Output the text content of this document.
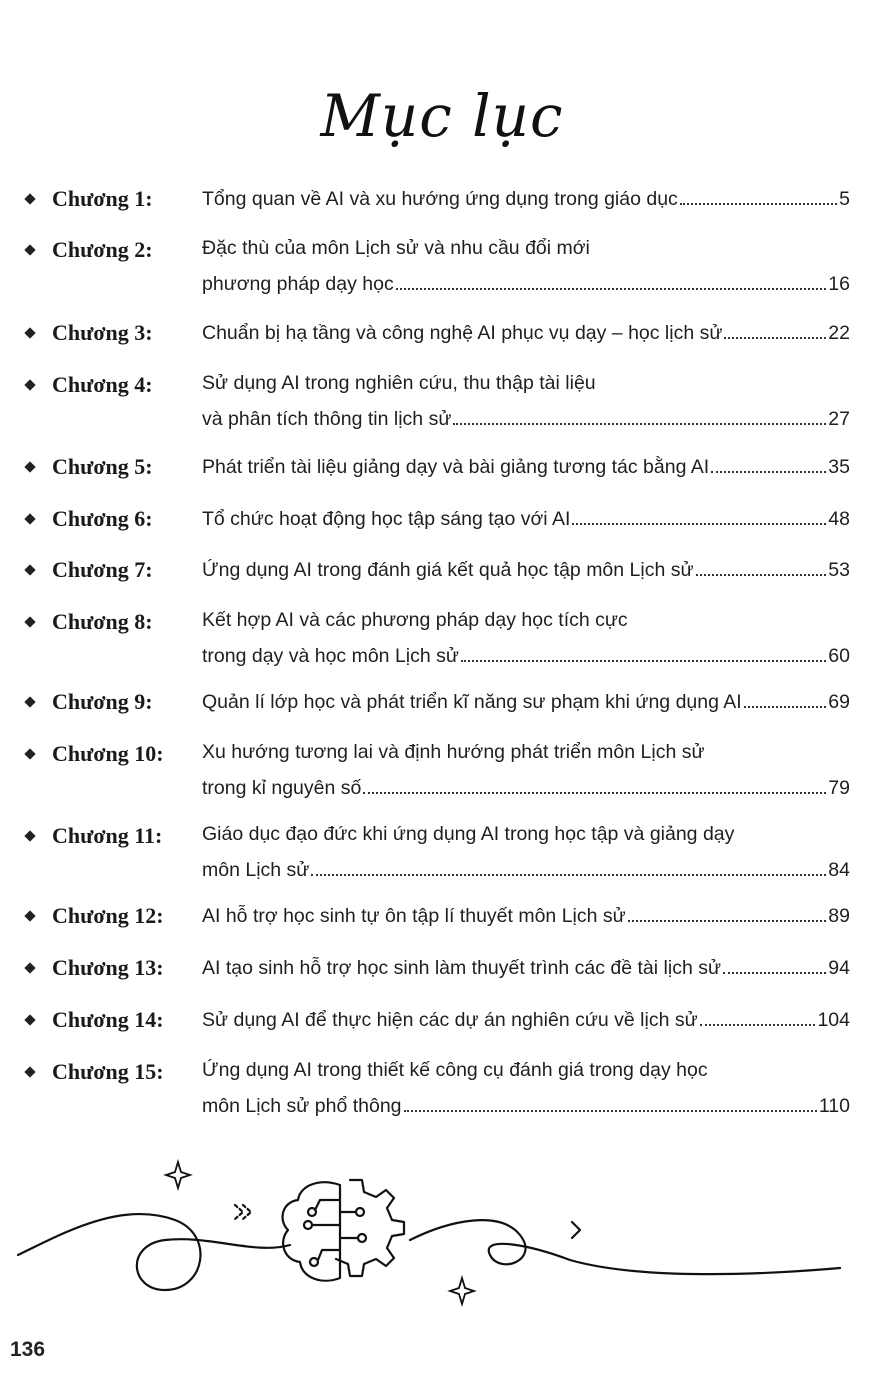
Mục lục
Chương 1:	Tổng quan về AI và xu hướng ứng dụng trong giáo dục	5
Chương 2:	Đặc thù của môn Lịch sử và nhu cầu đổi mới
phương pháp dạy học	16
Chương 3:	Chuẩn bị hạ tầng và công nghệ AI phục vụ dạy – học lịch sử	22
Chương 4:	Sử dụng AI trong nghiên cứu, thu thập tài liệu
và phân tích thông tin lịch sử	27
Chương 5:	Phát triển tài liệu giảng dạy và bài giảng tương tác bằng AI	35
Chương 6:	Tổ chức hoạt động học tập sáng tạo với AI	48
Chương 7:	Ứng dụng AI trong đánh giá kết quả học tập môn Lịch sử	53
Chương 8:	Kết hợp AI và các phương pháp dạy học tích cực
trong dạy và học môn Lịch sử	60
Chương 9:	Quản lí lớp học và phát triển kĩ năng sư phạm khi ứng dụng AI	69
Chương 10: Xu hướng tương lai và định hướng phát triển môn Lịch sử
trong kỉ nguyên số	79
Chương 11: Giáo dục đạo đức khi ứng dụng AI trong học tập và giảng dạy
môn Lịch sử	84
Chương 12: AI hỗ trợ học sinh tự ôn tập lí thuyết môn Lịch sử	89
Chương 13: AI tạo sinh hỗ trợ học sinh làm thuyết trình các đề tài lịch sử	94
Chương 14: Sử dụng AI để thực hiện các dự án nghiên cứu về lịch sử	104
Chương 15: Ứng dụng AI trong thiết kế công cụ đánh giá trong dạy học
môn Lịch sử phổ thông	110
136
